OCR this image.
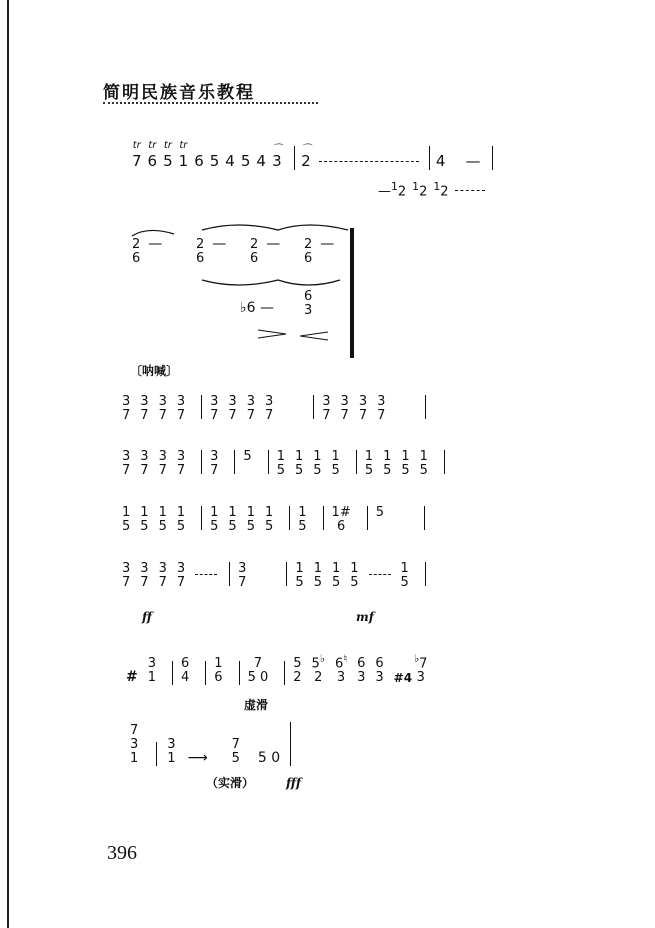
简明民族音乐教程
tr
7
tr
6
tr
5
tr
1 6 5 4 5 4
⌒
3
⌒
2	4 —
— $^1$2 $^1$2 $^1$2
2
6
—	2
6
— 2
6
— 2
6
—
♭6 —
6
3
〔呐喊〕
3
7
3
7
3
7
3
7
3
7
3
7
3
7
3
7
3
7
3
7
3
7
3
7
3
7
3
7
3
7
3
7
3
7
5 1
5
1
5
1
5
1
5
1
5
1
5
1
5
1
5
1
5
1
5
1
5
1
5
1
5
1
5
1
5
1
5
1
5
1#
6
5
3
7
3
7
3
7
3
7
3
7
1
5
1
5
1
5
1
5
1
5
ff	mf
#
3
1
6
4
1
6
7
5 0
5
2
5♭
2
6♮
3
6
3
6
3 #4
♭7
3
虚滑
7
3
1
3
1 ⟶
7
5 5 0
（实滑）	fff
396
